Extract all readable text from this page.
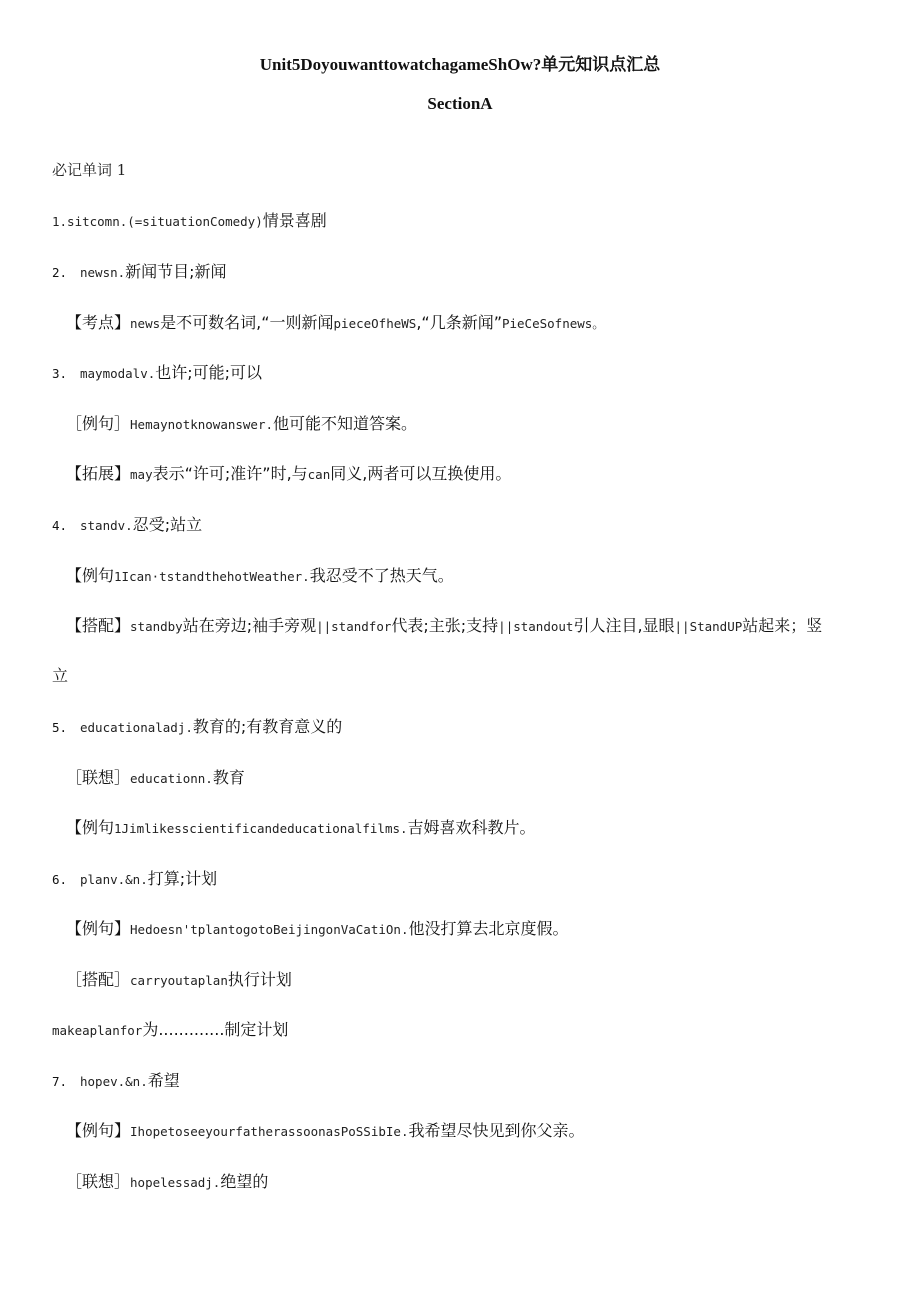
Unit5DoyouwanttowatchagameShOw?单元知识点汇总
SectionA
必记单词 1
1.sitcomn.(=situationComedy)情景喜剧
2. newsn.新闻节目;新闻
【考点】news是不可数名词,“一则新闻pieceOfheWS,“几条新闻”PieCeSofnews。
3. maymodalv.也许;可能;可以
［例句］Hemaynotknowanswer.他可能不知道答案。
【拓展】may表示“许可;准许”时,与can同义,两者可以互换使用。
4. standv.忍受;站立
【例句1Ican·tstandthehotWeather.我忍受不了热天气。
【搭配】standby站在旁边;袖手旁观||standfor代表;主张;支持||standout引人注目,显眼||StandUP站起来；竖
立
5. educationaladj.教育的;有教育意义的
［联想］educationn.教育
【例句1Jimlikesscientificandeducationalfilms.吉姆喜欢科教片。
6. planv.&n.打算;计划
【例句】Hedoesn'tplantogotoBeijingonVaCatiOn.他没打算去北京度假。
［搭配］carryoutaplan执行计划
makeaplanfor为.............制定计划
7. hopev.&n.希望
【例句】IhopetoseeyourfatherassoonasPoSSibIe.我希望尽快见到你父亲。
［联想］hopelessadj.绝望的
